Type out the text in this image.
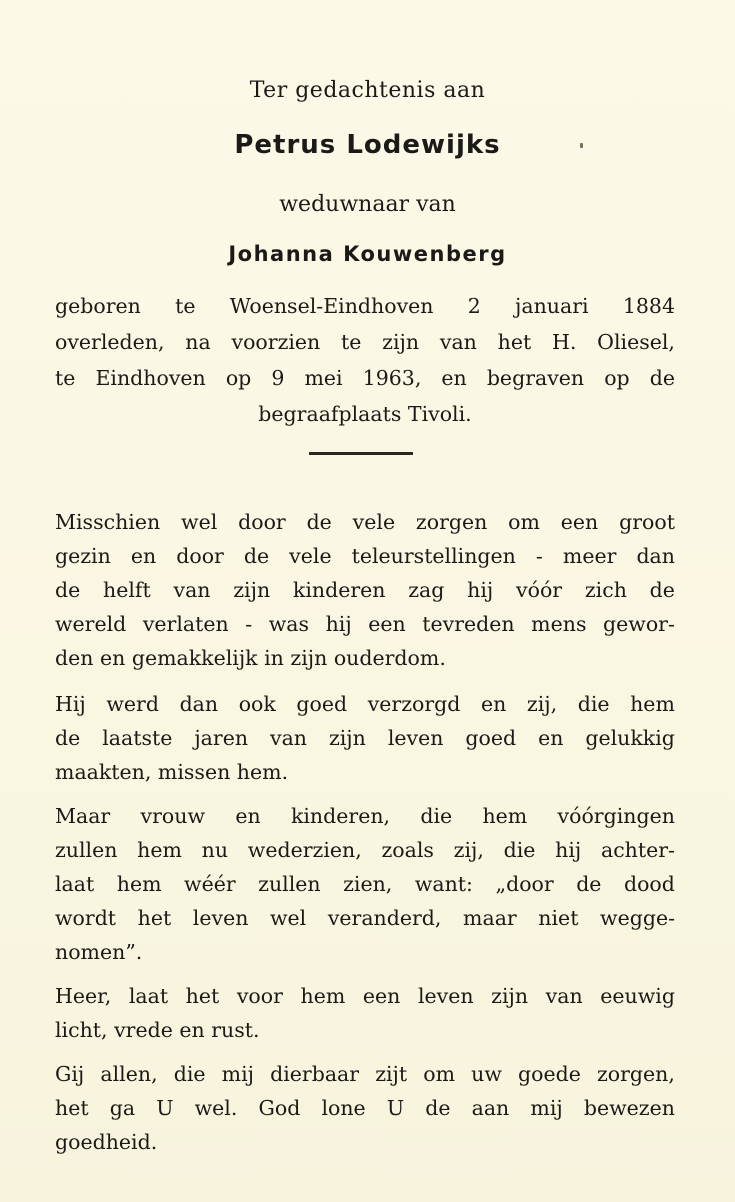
Ter gedachtenis aan
Petrus Lodewijks
weduwnaar van
Johanna Kouwenberg
geboren te Woensel-Eindhoven 2 januari 1884
overleden, na voorzien te zijn van het H. Oliesel,
te Eindhoven op 9 mei 1963, en begraven op de
begraafplaats Tivoli.
Misschien wel door de vele zorgen om een groot
gezin en door de vele teleurstellingen - meer dan
de helft van zijn kinderen zag hij vóór zich de
wereld verlaten - was hij een tevreden mens gewor-
den en gemakkelijk in zijn ouderdom.
Hij werd dan ook goed verzorgd en zij, die hem
de laatste jaren van zijn leven goed en gelukkig
maakten, missen hem.
Maar vrouw en kinderen, die hem vóórgingen
zullen hem nu wederzien, zoals zij, die hij achter-
laat hem wéér zullen zien, want: „door de dood
wordt het leven wel veranderd, maar niet wegge-
nomen”.
Heer, laat het voor hem een leven zijn van eeuwig
licht, vrede en rust.
Gij allen, die mij dierbaar zijt om uw goede zorgen,
het ga U wel. God lone U de aan mij bewezen
goedheid.
